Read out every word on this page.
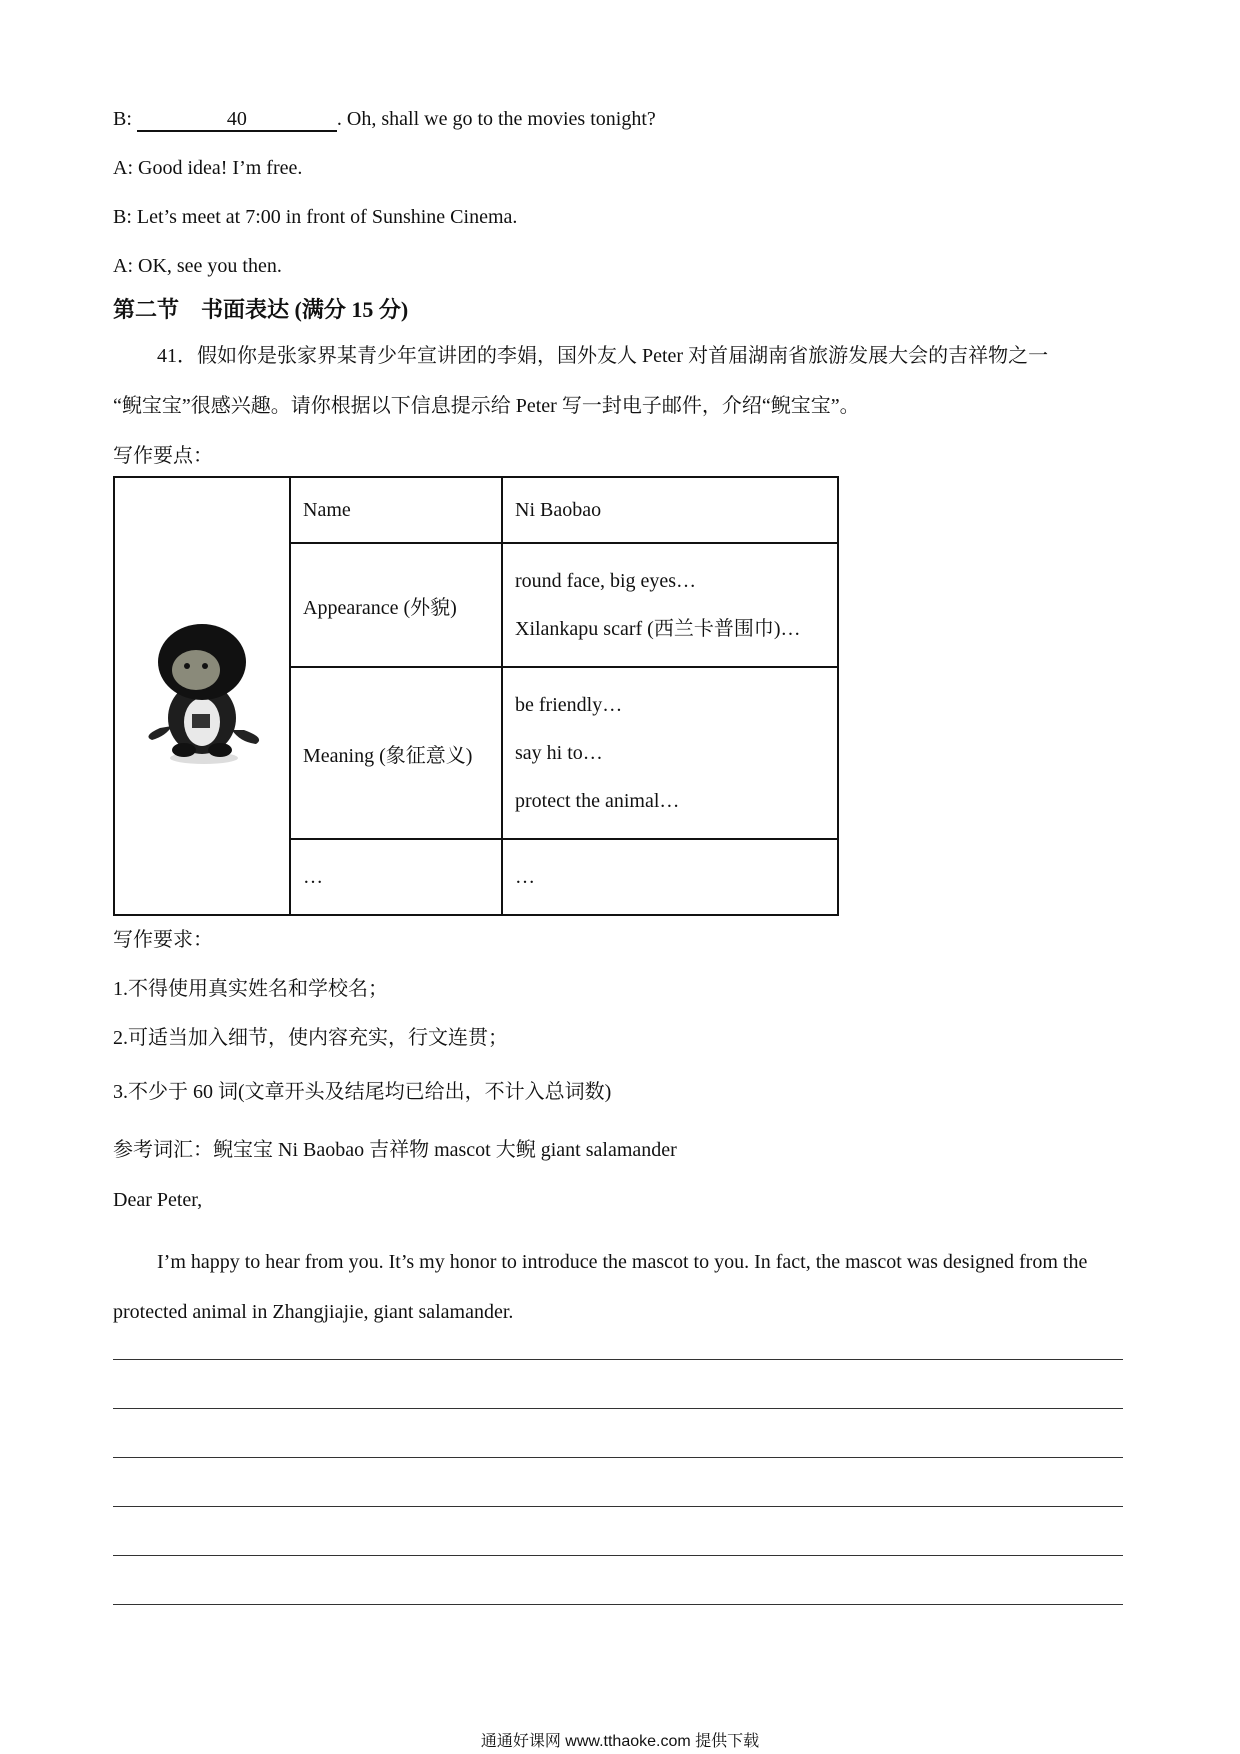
B:	40	. Oh, shall we go to the movies tonight?
A: Good idea! I’m free.
B: Let’s meet at 7:00 in front of Sunshine Cinema.
A: OK, see you then.
第二节　书面表达 (满分 15 分)
41．假如你是张家界某青少年宣讲团的李娟，国外友人 Peter 对首届湖南省旅游发展大会的吉祥物之一
“鲵宝宝”很感兴趣。请你根据以下信息提示给 Peter 写一封电子邮件，介绍“鲵宝宝”。
写作要点：
	Name	Ni Baobao

	Appearance (外貌)	round face, big eyes…
Xilankapu scarf (西兰卡普围巾)…

	Meaning (象征意义)	be friendly…
say hi to…
protect the animal…

	…	…
写作要求：
1.不得使用真实姓名和学校名；
2.可适当加入细节，使内容充实，行文连贯；
3.不少于 60 词(文章开头及结尾均已给出，不计入总词数)
参考词汇：鲵宝宝 Ni Baobao 吉祥物 mascot 大鲵 giant salamander
Dear Peter,
I’m happy to hear from you. It’s my honor to introduce the mascot to you. In fact, the mascot was designed from the protected animal in Zhangjiajie, giant salamander.
通通好课网 www.tthaoke.com 提供下载
